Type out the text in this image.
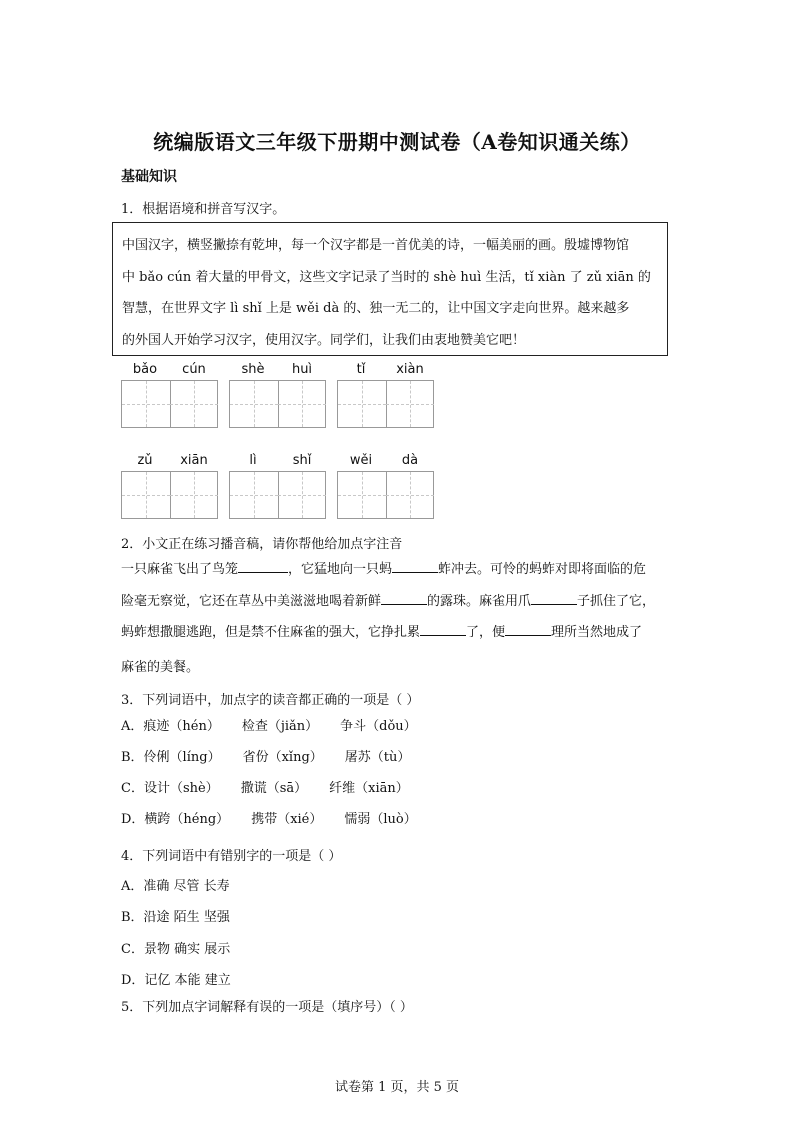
统编版语文三年级下册期中测试卷（A卷知识通关练）
基础知识
1．根据语境和拼音写汉字。
中国汉字，横竖撇捺有乾坤，每一个汉字都是一首优美的诗，一幅美丽的画。殷墟博物馆
中 bǎo cún 着大量的甲骨文，这些文字记录了当时的 shè huì 生活，tǐ xiàn 了 zǔ xiān 的
智慧，在世界文字 lì shǐ 上是 wěi dà 的、独一无二的，让中国文字走向世界。越来越多
的外国人开始学习汉字，使用汉字。同学们，让我们由衷地赞美它吧！
bǎo	cún	shè	huì	tǐ	xiàn
zǔ	xiān	lì	shǐ	wěi	dà
2．小文正在练习播音稿，请你帮他给加点字注音
一只麻雀飞出了鸟笼	，它猛地向一只蚂	蚱冲去。可怜的蚂蚱对即将面临的危
险毫无察觉，它还在草丛中美滋滋地喝着新鲜	的露珠。麻雀用爪	子抓住了它，
蚂蚱想撒腿逃跑，但是禁不住麻雀的强大，它挣扎累	了，便	理所当然地成了
麻雀的美餐。
3．下列词语中，加点字的读音都正确的一项是（ ）
A．痕迹（hén） 检查（jiǎn） 争斗（dǒu）
B．伶俐（líng） 省份（xǐng） 屠苏（tù）
C．设计（shè） 撒谎（sā） 纤维（xiān）
D．横跨（héng） 携带（xié） 懦弱（luò）
4．下列词语中有错别字的一项是（ ）
A．准确 尽管 长寿
B．沿途 陌生 坚强
C．景物 确实 展示
D．记亿 本能 建立
5．下列加点字词解释有误的一项是（填序号）（ ）
试卷第 1 页，共 5 页
